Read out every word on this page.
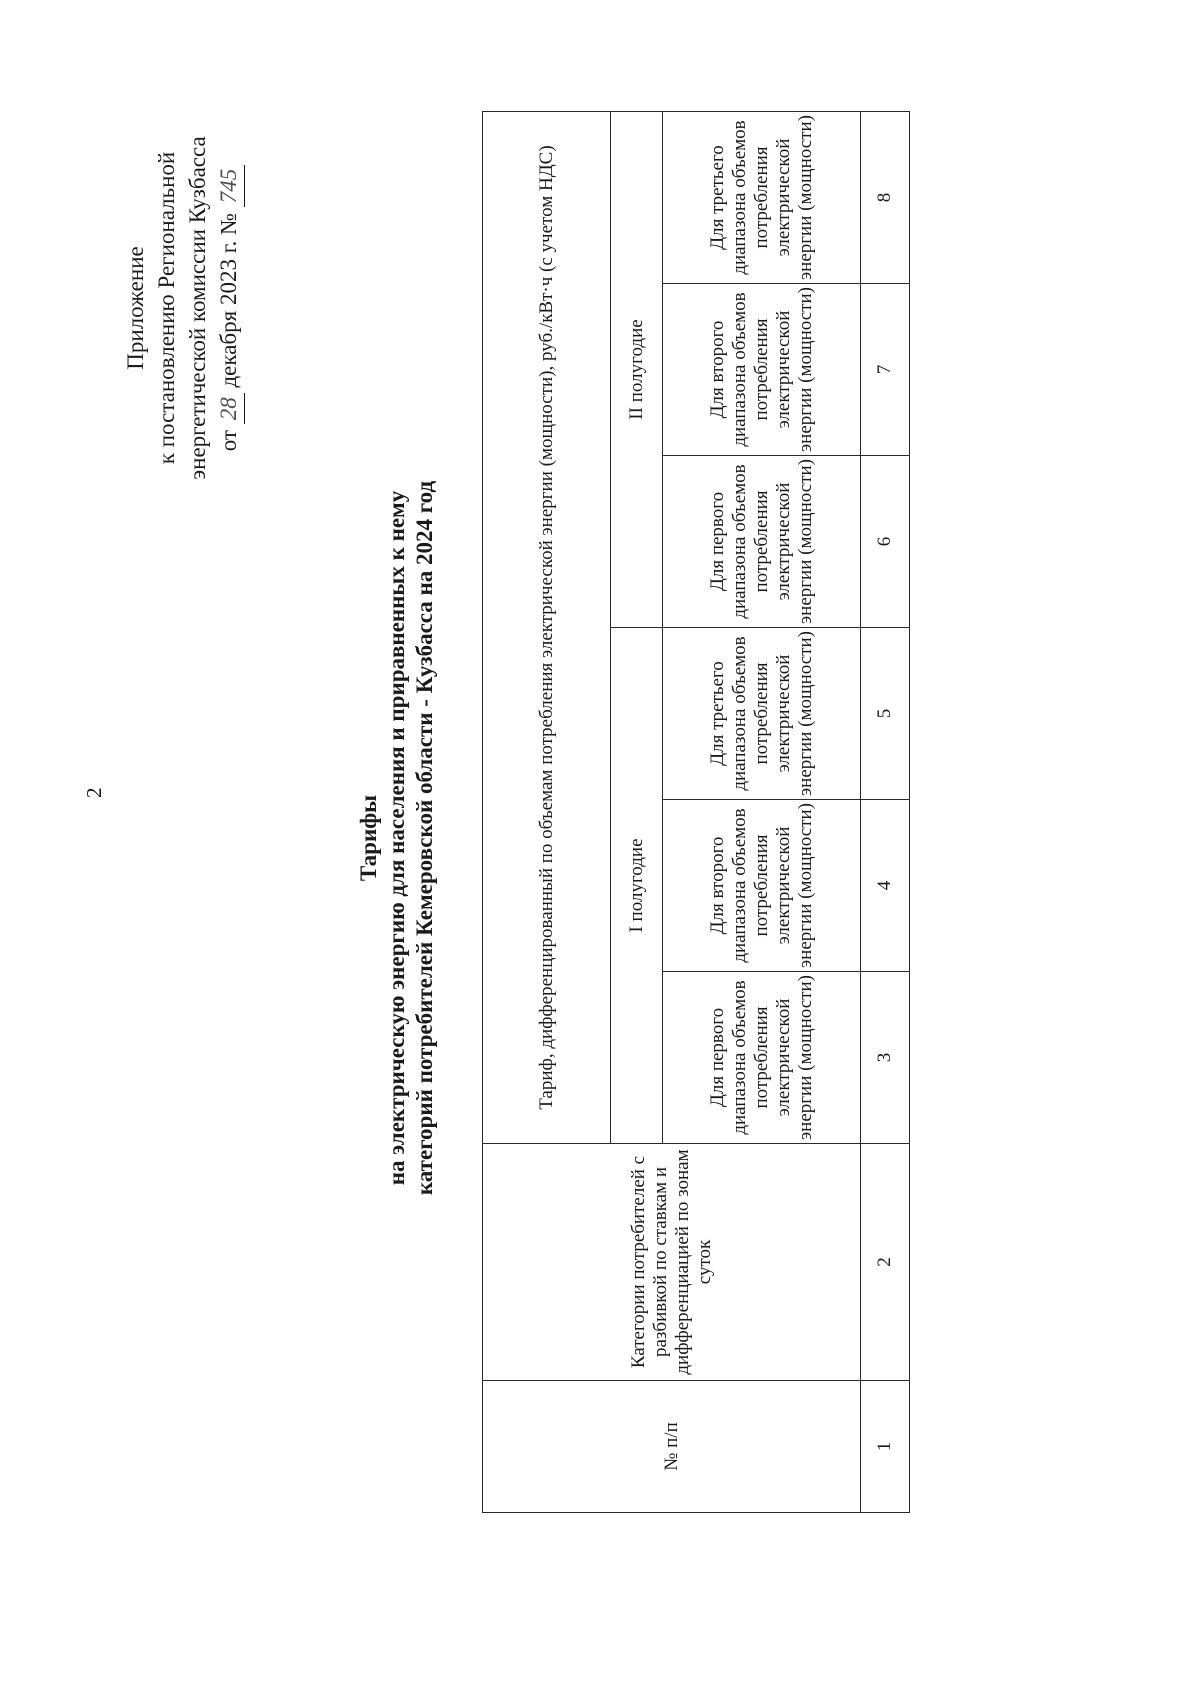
2
Приложение к постановлению Региональной энергетической комиссии Кузбасса от 28 декабря 2023 г. № 745
Тарифы на электрическую энергию для населения и приравненных к нему категорий потребителей Кемеровской области - Кузбасса на 2024 год
№ п/п	Категории потребителей с разбивкой по ставкам и дифференциацией по зонам суток	Тариф, дифференцированный по объемам потребления электрической энергии (мощности), руб./кВт·ч (с учетом НДС)					
		I полугодие			II полугодие		
		Для первого диапазона объемов потребления электрической энергии (мощности)	Для второго диапазона объемов потребления электрической энергии (мощности)	Для третьего диапазона объемов потребления электрической энергии (мощности)	Для первого диапазона объемов потребления электрической энергии (мощности)	Для второго диапазона объемов потребления электрической энергии (мощности)	Для третьего диапазона объемов потребления электрической энергии (мощности)
1	2	3	4	5	6	7	8
